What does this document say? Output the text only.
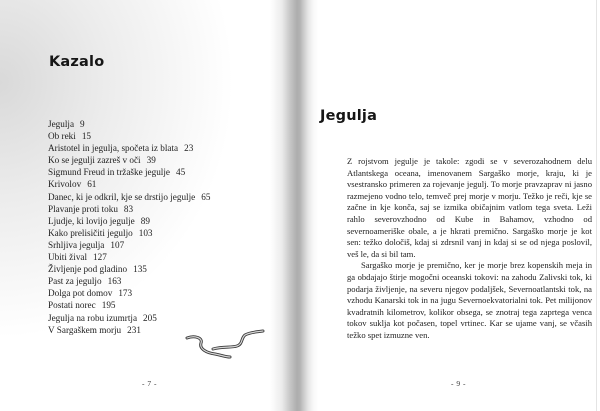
Kazalo
Jegulja 9
Ob reki 15
Aristotel in jegulja, spočeta iz blata 23
Ko se jegulji zazreš v oči 39
Sigmund Freud in tržaške jegulje 45
Krivolov 61
Danec, ki je odkril, kje se drstijo jegulje 65
Plavanje proti toku 83
Ljudje, ki lovijo jegulje 89
Kako prelisičiti jeguljo 103
Srhljiva jegulja 107
Ubiti žival 127
Življenje pod gladino 135
Past za jeguljo 163
Dolga pot domov 173
Postati norec 195
Jegulja na robu izumrtja 205
V Sargaškem morju 231
- 7 -
Jegulja

Z rojstvom jegulje je takole: zgodi se v severozahodnem delu Atlantskega oceana, imenovanem Sargaško morje, kraju, ki je vsestransko primeren za rojevanje jegulj. To morje pravzaprav ni jasno razmejeno vodno telo, temveč prej morje v morju. Težko je reči, kje se začne in kje konča, saj se izmika običajnim vatlom tega sveta. Leži rahlo severovzhodno od Kube in Bahamov, vzhodno od severnoameriške obale, a je hkrati premično. Sargaško morje je kot sen: težko določiš, kdaj si zdrsnil vanj in kdaj si se od njega poslovil, veš le, da si bil tam.

Sargaško morje je premično, ker je morje brez kopenskih meja in ga obdajajo štirje mogočni oceanski tokovi: na zahodu Zalivski tok, ki podarja življenje, na severu njegov podaljšek, Severnoatlantski tok, na vzhodu Kanarski tok in na jugu Severnoekvatorialni tok. Pet milijonov kvadratnih kilometrov, kolikor obsega, se znotraj tega zaprtega venca tokov suklja kot počasen, topel vrtinec. Kar se ujame vanj, se včasih težko spet izmuzne ven.

- 9 -
